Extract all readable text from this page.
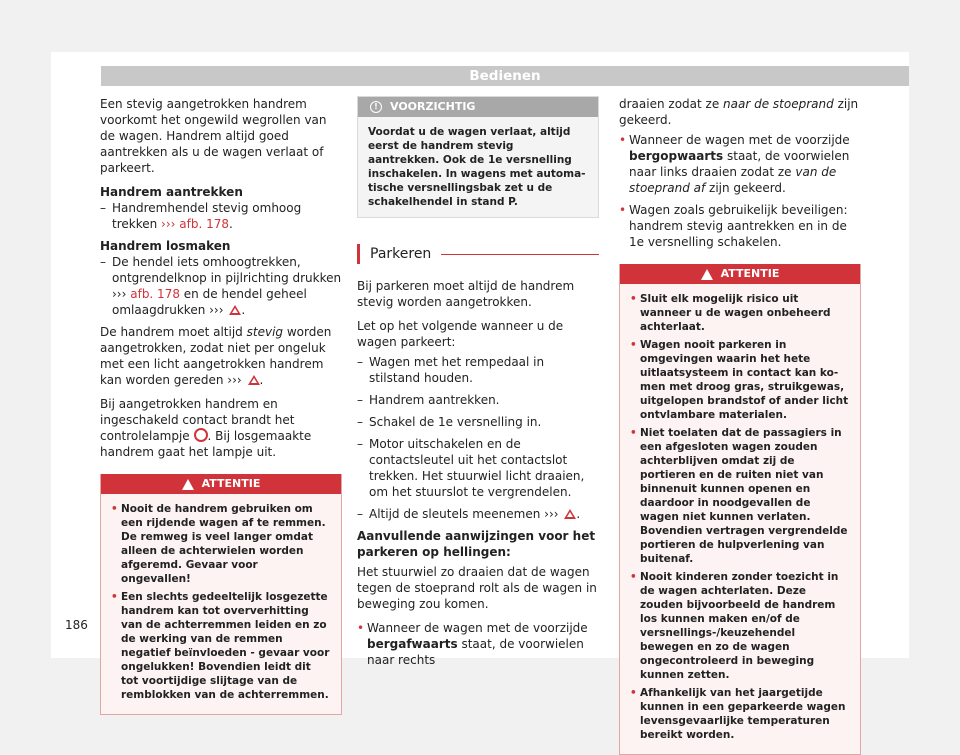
Bedienen

Een stevig aangetrokken handrem voorkomt het ongewild wegrollen van de wagen. Handrem altijd goed aantrekken als u de wagen verlaat of parkeert.

Handrem aantrekken
– Handremhendel stevig omhoog trekken ››› afb. 178.
Handrem losmaken
– De hendel iets omhoogtrekken, ontgrendelknop in pijlrichting drukken ››› afb. 178 en de hendel geheel omlaagdrukken ››› .

De handrem moet altijd stevig worden aangetrokken, zodat niet per ongeluk met een licht aangetrokken handrem kan worden gereden ››› .

Bij aangetrokken handrem en ingeschakeld contact brandt het controlelampje . Bij losgemaakte handrem gaat het lampje uit.

ATTENTIE
• Nooit de handrem gebruiken om een rijdende wagen af te remmen. De remweg is veel langer omdat alleen de achterwielen worden afgeremd. Gevaar voor ongevallen!
• Een slechts gedeeltelijk losgezette handrem kan tot oververhitting van de achterremmen leiden en zo de werking van de remmen negatief beïnvloeden - gevaar voor ongelukken! Bovendien leidt dit tot voortijdige slijtage van de remblokken van de achterremmen.
!	VOORZICHTIG
Voordat u de wagen verlaat, altijd eerst de handrem stevig aantrekken. Ook de 1e versnelling inschakelen. In wagens met automatische versnellingsbak zet u de schakelhendel in stand P.
Parkeren

Bij parkeren moet altijd de handrem stevig worden aangetrokken.

Let op het volgende wanneer u de wagen parkeert:

– Wagen met het rempedaal in stilstand houden.
– Handrem aantrekken.
– Schakel de 1e versnelling in.
– Motor uitschakelen en de contactsleutel uit het contactslot trekken. Het stuurwiel licht draaien, om het stuurslot te vergrendelen.
– Altijd de sleutels meenemen ››› .

Aanvullende aanwijzingen voor het parkeren op hellingen:

Het stuurwiel zo draaien dat de wagen tegen de stoeprand rolt als de wagen in beweging zou komen.

• Wanneer de wagen met de voorzijde bergafwaarts staat, de voorwielen naar rechts

draaien zodat ze naar de stoeprand zijn gekeerd.

• Wanneer de wagen met de voorzijde bergopwaarts staat, de voorwielen naar links draaien zodat ze van de stoeprand af zijn gekeerd.
• Wagen zoals gebruikelijk beveiligen: handrem stevig aantrekken en in de 1e versnelling schakelen.
ATTENTIE
• Sluit elk mogelijk risico uit wanneer u de wagen onbeheerd achterlaat.
• Wagen nooit parkeren in omgevingen waarin het hete uitlaatsysteem in contact kan komen met droog gras, struikgewas, uitgelopen brandstof of ander licht ontvlambare materialen.
• Niet toelaten dat de passagiers in een afgesloten wagen zouden achterblijven omdat zij de portieren en de ruiten niet van binnenuit kunnen openen en daardoor in noodgevallen de wagen niet kunnen verlaten. Bovendien vertragen vergrendelde portieren de hulpverlening van buitenaf.
• Nooit kinderen zonder toezicht in de wagen achterlaten. Deze zouden bijvoorbeeld de handrem los kunnen maken en/of de versnellings-/keuzehendel bewegen en zo de wagen ongecontroleerd in beweging kunnen zetten.
• Afhankelijk van het jaargetijde kunnen in een geparkeerde wagen levensgevaarlijke temperaturen bereikt worden.
186
